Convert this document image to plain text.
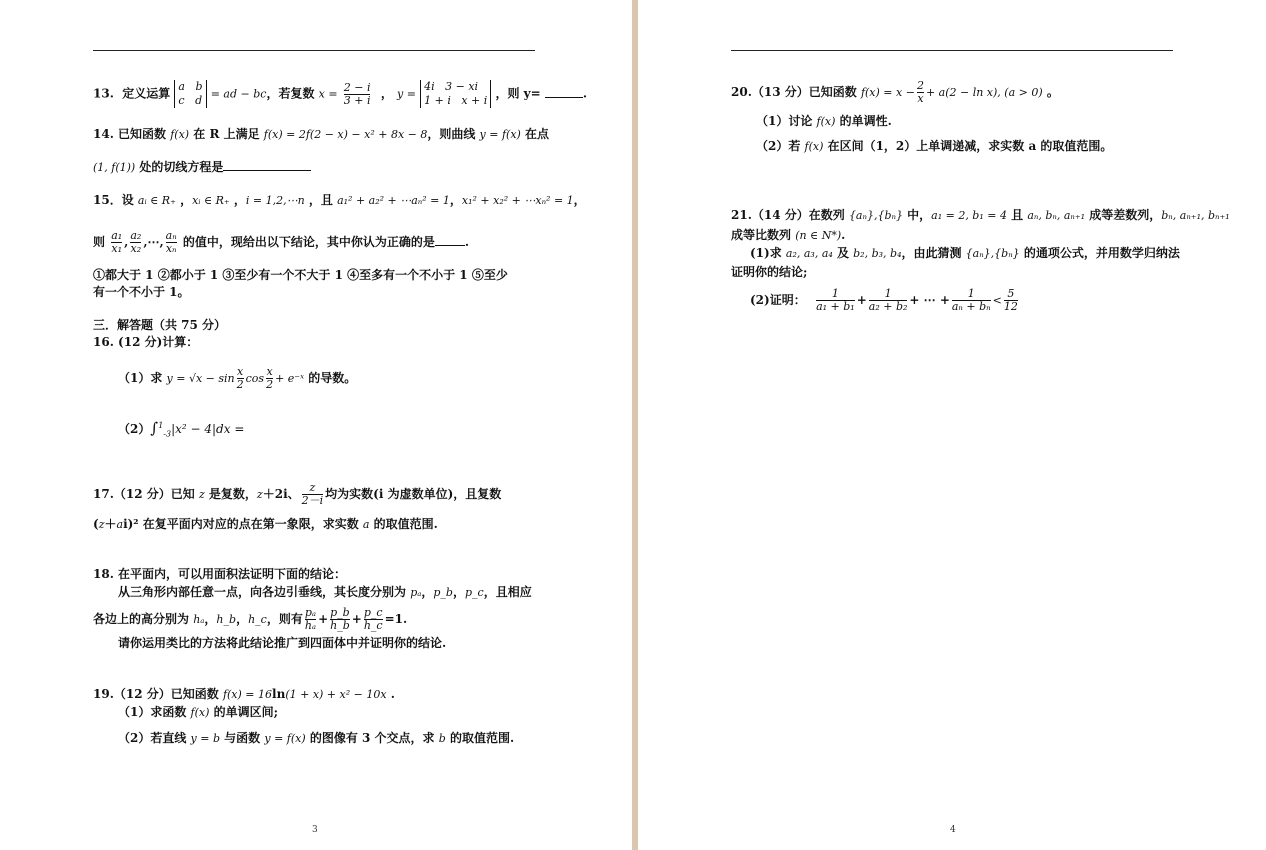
13.  定义运算 a   b
c   d = ad − bc，若复数 $x = \frac{2 - i}{3 + i}$ ， y = 4i   3 − xi
1 + i   x + i ，则 y=	.
14. 已知函数 f(x) 在 R 上满足 f(x) = 2f(2 − x) − x² + 8x − 8，则曲线 y = f(x) 在点
(1, f(1)) 处的切线方程是
15．设 aᵢ ∈ R₊ ，xᵢ ∈ R₊ ，i = 1,2,⋯n ，且 a₁² + a₂² + ⋯aₙ² = 1，x₁² + x₂² + ⋯xₙ² = 1，
则 $\frac{\text{a₁}}{\text{x₁}}$ , $\frac{\text{a₂}}{\text{x₂}}$ ,⋯, $\frac{\text{aₙ}}{\text{xₙ}}$ 的值中，现给出以下结论，其中你认为正确的是	.
①都大于 1 ②都小于 1 ③至少有一个不大于 1 ④至多有一个不小于 1 ⑤至少
有一个不小于 1。
三．解答题（共 75 分）
16. (12 分)计算：
（1）求 $y = √x - \sin \frac{x}{2}$ $\cos \frac{x}{2}$ + e⁻ˣ 的导数。
（2）∫$^1_{-3}$|x² − 4|dx =
17.（12 分）已知 z 是复数，z＋2i、 $\frac{z}{2-i}$ 均为实数(i 为虚数单位)，且复数
(z＋ai)² 在复平面内对应的点在第一象限，求实数 a 的取值范围.
18. 在平面内，可以用面积法证明下面的结论：
从三角形内部任意一点，向各边引垂线，其长度分别为 pₐ，p_b，p_c，且相应
各边上的高分别为 hₐ，h_b，h_c，则有 $\frac{\text{pₐ}}{\text{hₐ}} + \frac{p\_b}{h\_b} + \frac{p\_c}{h\_c} =1$.
请你运用类比的方法将此结论推广到四面体中并证明你的结论.
19.（12 分）已知函数 f(x) = 16ln(1 + x) + x² − 10x .
（1）求函数 f(x) 的单调区间;
（2）若直线 y = b 与函数 y = f(x) 的图像有 3 个交点，求 b 的取值范围.
3
20.（13 分）已知函数 $f(x) = x - \frac{2}{x} + a(2 - \ln x)$, (a > 0) 。
（1）讨论 f(x) 的单调性.
（2）若 f(x) 在区间（1，2）上单调递减，求实数 a 的取值范围。
21.（14 分）在数列 {aₙ},{bₙ} 中，a₁ = 2, b₁ = 4 且 aₙ, bₙ, aₙ₊₁ 成等差数列，bₙ, aₙ₊₁, bₙ₊₁
成等比数列 (n ∈ N*).
(1)求 a₂, a₃, a₄ 及 b₂, b₃, b₄，由此猜测 {aₙ},{bₙ} 的通项公式，并用数学归纳法
证明你的结论;
(2)证明： $\frac{1}{\text{a₁ + b₁}} + \frac{1}{\text{a₂ + b₂}}$ + ⋯ + $\frac{1}{\text{aₙ + bₙ}} < \frac{5}{12}$
4
